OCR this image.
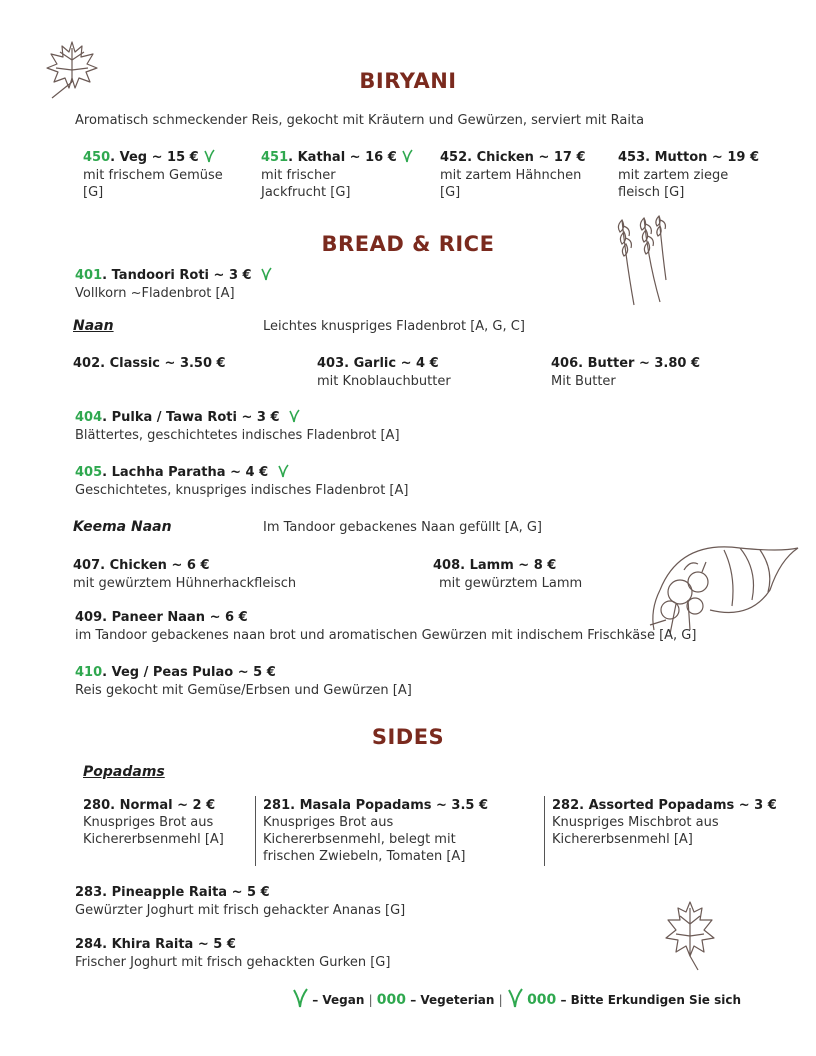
BIRYANI
Aromatisch schmeckender Reis, gekocht mit Kräutern und Gewürzen, serviert mit Raita
450. Veg ~ 15 €
mit frischem Gemüse
[G]
451. Kathal ~ 16 €
mit frischer
Jackfrucht [G]
452. Chicken ~ 17 €
mit zartem Hähnchen
[G]
453. Mutton ~ 19 €
mit zartem ziege
fleisch [G]
BREAD & RICE
401. Tandoori Roti ~ 3 €
Vollkorn ~Fladenbrot [A]
Naan	Leichtes knuspriges Fladenbrot [A, G, C]
402. Classic ~ 3.50 €	403. Garlic ~ 4 €
mit Knoblauchbutter
406. Butter ~ 3.80 €
Mit Butter
404. Pulka / Tawa Roti ~ 3 €
Blättertes, geschichtetes indisches Fladenbrot [A]
405. Lachha Paratha ~ 4 €
Geschichtetes, knuspriges indisches Fladenbrot [A]
Keema Naan	Im Tandoor gebackenes Naan gefüllt [A, G]
407. Chicken ~ 6 €
mit gewürztem Hühnerhackfleisch
408. Lamm ~ 8 €
mit gewürztem Lamm
409. Paneer Naan ~ 6 €
im Tandoor gebackenes naan brot und aromatischen Gewürzen mit indischem Frischkäse [A, G]
410. Veg / Peas Pulao ~ 5 €
Reis gekocht mit Gemüse/Erbsen und Gewürzen [A]
SIDES
Popadams
280. Normal ~ 2 €
Knuspriges Brot aus
Kichererbsenmehl [A]
281. Masala Popadams ~ 3.5 €
Knuspriges Brot aus
Kichererbsenmehl, belegt mit
frischen Zwiebeln, Tomaten [A]
282. Assorted Popadams ~ 3 €
Knuspriges Mischbrot aus
Kichererbsenmehl [A]
283. Pineapple Raita ~ 5 €
Gewürzter Joghurt mit frisch gehackter Ananas [G]
284. Khira Raita ~ 5 €
Frischer Joghurt mit frisch gehackten Gurken [G]
– Vegan | 000 – Vegeterian | 000 – Bitte Erkundigen Sie sich
